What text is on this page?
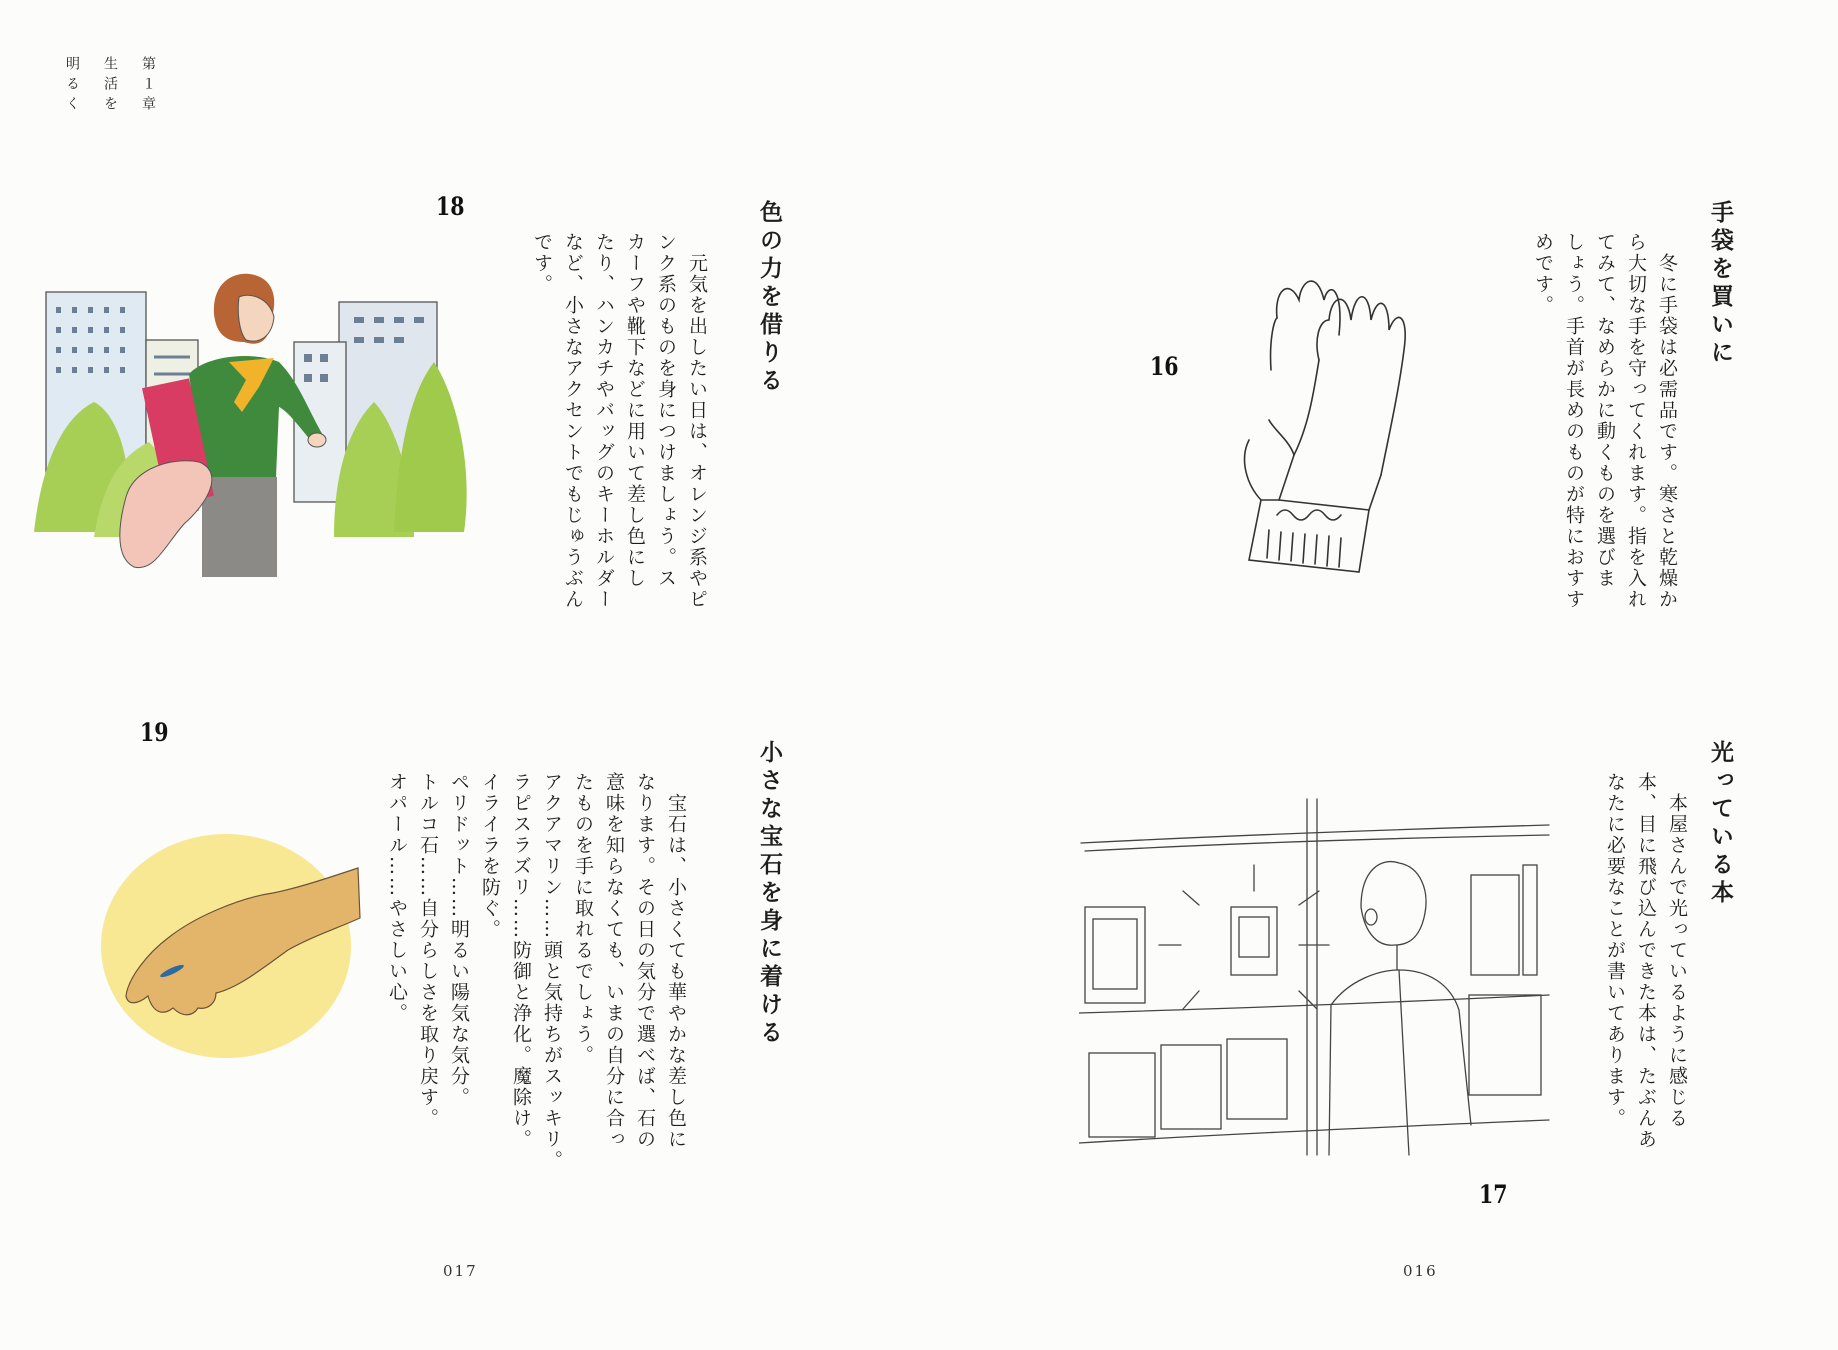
第１章
生活を
明るく
18	色の力を借りる
　元気を出したい日は、オレンジ系やピ
ンク系のものを身につけましょう。ス
カーフや靴下などに用いて差し色にし
たり、ハンカチやバッグのキーホルダー
など、小さなアクセントでもじゅうぶん
です。
19
小さな宝石を身に着ける
　宝石は、小さくても華やかな差し色に
なります。その日の気分で選べば、石の
意味を知らなくても、いまの自分に合っ
たものを手に取れるでしょう。
アクアマリン……頭と気持ちがスッキリ。
ラピスラズリ……防御と浄化。魔除け。
イライラを防ぐ。
ペリドット……明るい陽気な気分。
トルコ石……自分らしさを取り戻す。
オパール……やさしい心。
017
手袋を買いに
　冬に手袋は必需品です。寒さと乾燥か
ら大切な手を守ってくれます。指を入れ
てみて、なめらかに動くものを選びま
しょう。手首が長めのものが特におすす
めです。
16
光っている本
　本屋さんで光っているように感じる
本、目に飛び込んできた本は、たぶんあ
なたに必要なことが書いてあります。
17
016
